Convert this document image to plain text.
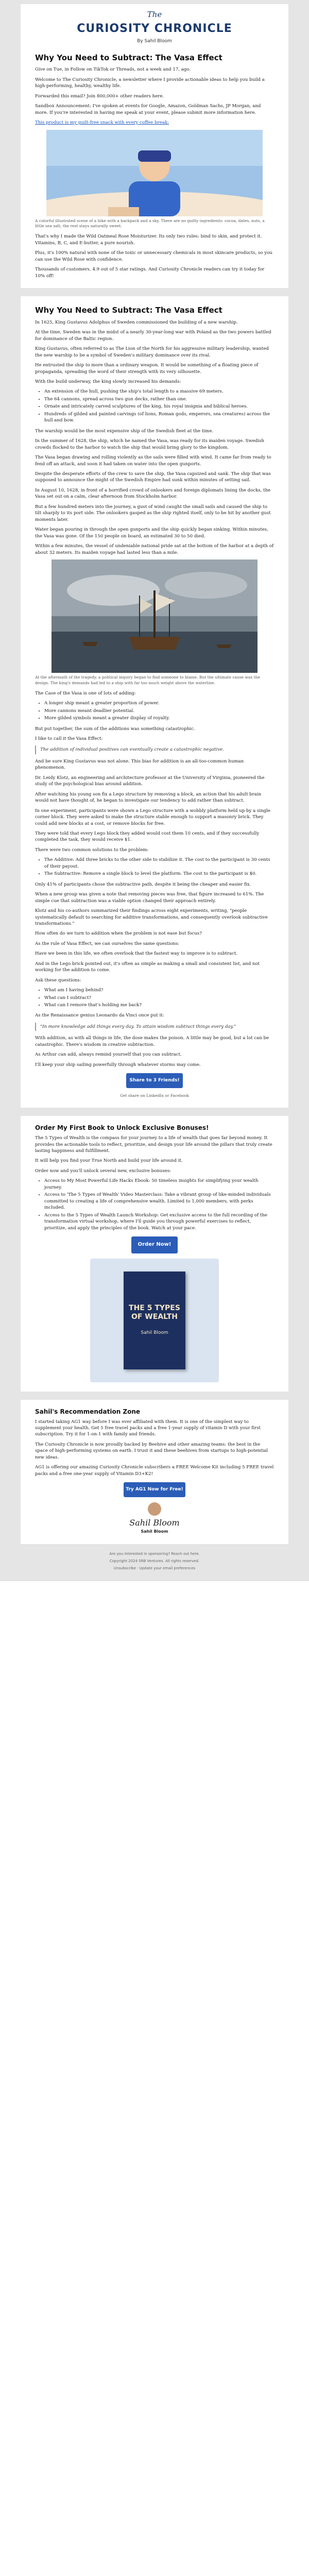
The
CURIOSITY CHRONICLE
By Sahil Bloom
Why You Need to Subtract: The Vasa Effect

Give on Tue, in Follow on TikTok or Threads, not a week and 17, ago.

Welcome to The Curiosity Chronicle, a newsletter where I provide actionable ideas to help you build a high-performing, healthy, wealthy life.

Forwarded this email? Join 800,000+ other readers here.

Sandbox Announcement: I've spoken at events for Google, Amazon, Goldman Sachs, JP Morgan, and more. If you're interested in having me speak at your event, please submit more information here.

This product is my guilt-free snack with every coffee break:

A colorful illustrated scene of a hike with a backpack and a sky. There are no guilty ingredients: cocoa, dates, nuts, a little sea salt; the rest stays naturally sweet.

That's why I made the Wild Oatmeal Rose Moisturizer. Its only two rules: bind to skin, and protect it. Vitamins, B, C, and E-butter, a pure nourish.

Plus, it's 100% natural with none of the toxic or unnecessary chemicals in most skincare products, so you can use the Wild Rose with confidence.

Thousands of customers. 4.9 out of 5 star ratings. And Curiosity Chronicle readers can try it today for 10% off!

Why You Need to Subtract: The Vasa Effect

In 1625, King Gustavus Adolphus of Sweden commissioned the building of a new warship.

At the time, Sweden was in the midst of a nearly 30-year-long war with Poland as the two powers battled for dominance of the Baltic region.

King Gustavus, often referred to as The Lion of the North for his aggressive military leadership, wanted the new warship to be a symbol of Sweden's military dominance over its rival.

He entrusted the ship to more than a ordinary weapon. It would be something of a floating piece of propaganda, spreading the word of their strength with its very silhouette.

With the build underway, the king slowly increased his demands:

• An extension of the hull, pushing the ship's total length to a massive 69 meters.
• The 64 cannons, spread across two gun decks, rather than one.
• Ornate and intricately carved sculptures of the king, his royal insignia and biblical heroes.
• Hundreds of gilded and painted carvings (of lions, Roman gods, emperors, sea creatures) across the hull and bow.

The warship would be the most expensive ship of the Swedish fleet at the time.

In the summer of 1628, the ship, which he named the Vasa, was ready for its maiden voyage. Swedish crowds flocked to the harbor to watch the ship that would bring glory to the kingdom.

The Vasa began drawing and rolling violently as the sails were filled with wind. It came far from ready to fend off an attack, and soon it had taken on water into the open gunports.

Despite the desperate efforts of the crew to save the ship, the Vasa capsized and sank. The ship that was supposed to announce the might of the Swedish Empire had sunk within minutes of setting sail.

In August 10, 1628, in front of a horrified crowd of onlookers and foreign diplomats lining the docks, the Vasa set out on a calm, clear afternoon from Stockholm harbor.

But a few hundred meters into the journey, a gust of wind caught the small sails and caused the ship to tilt sharply to its port side. The onlookers gasped as the ship righted itself, only to be hit by another gust moments later.

Water began pouring in through the open gunports and the ship quickly began sinking. Within minutes, the Vasa was gone. Of the 150 people on board, an estimated 30 to 50 died.

Within a few minutes, the vessel of undeniable national pride sat at the bottom of the harbor at a depth of about 32 meters. Its maiden voyage had lasted less than a mile.

At the aftermath of the tragedy, a political inquiry began to find someone to blame. But the ultimate cause was the design. The king's demands had led to a ship with far too much weight above the waterline.

The Case of the Vasa is one of lots of adding:

• A longer ship meant a greater proportion of power.
• More cannons meant deadlier potential.
• More gilded symbols meant a greater display of royalty.

But put together, the sum of the additions was something catastrophic.

I like to call it the Vasa Effect:

The addition of individual positives can eventually create a catastrophic negative.

And be sure King Gustavus was not alone. This bias for addition is an all-too-common human phenomenon.

Dr. Leidy Klotz, an engineering and architecture professor at the University of Virginia, pioneered the study of the psychological bias around addition.

After watching his young son fix a Lego structure by removing a block, an action that his adult brain would not have thought of, he began to investigate our tendency to add rather than subtract.

In one experiment, participants were shown a Lego structure with a wobbly platform held up by a single corner block. They were asked to make the structure stable enough to support a masonry brick. They could add new blocks at a cost, or remove blocks for free.

They were told that every Lego block they added would cost them 10 cents, and if they successfully completed the task, they would receive $1.

There were two common solutions to the problem:

• The Additive: Add three bricks to the other side to stabilize it. The cost to the participant is 30 cents of their payout.
• The Subtractive: Remove a single block to level the platform. The cost to the participant is $0.

Only 41% of participants chose the subtractive path, despite it being the cheaper and easier fix.

When a new group was given a note that removing pieces was free, that figure increased to 61%. The simple cue that subtraction was a viable option changed their approach entirely.

Klotz and his co-authors summarized their findings across eight experiments, writing, "people systematically default to searching for additive transformations, and consequently overlook subtractive transformations."

How often do we turn to addition when the problem is not ease but focus?

As the rule of Vasa Effect, we can ourselves the same questions:

Have we been in this life, we often overlook that the fastest way to improve is to subtract.

And in the Lego brick pointed out, it's often as simple as making a small and consistent list, and not working for the addition to come.

Ask these questions:

• What am I having behind?
• What can I subtract?
• What can I remove that's holding me back?

As the Renaissance genius Leonardo da Vinci once put it:

"In more knowledge add things every day. To attain wisdom subtract things every day."

With addition, as with all things in life, the dose makes the poison. A little may be good, but a lot can be catastrophic. There's wisdom in creative subtraction.

As Arthur can add, always remind yourself that you can subtract.

I'll keep your ship sailing powerfully through whatever storms may come.

Share to 3 Friends!

Get share on LinkedIn or Facebook

Order My First Book to Unlock Exclusive Bonuses!

The 5 Types of Wealth is the compass for your journey to a life of wealth that goes far beyond money. It provides the actionable tools to reflect, prioritize, and design your life around the pillars that truly create lasting happiness and fulfillment.

It will help you find your True North and build your life around it.

Order now and you'll unlock several new, exclusive bonuses:

• Access to My Most Powerful Life Hacks Ebook: 50 timeless insights for simplifying your wealth journey.
• Access to 'The 5 Types of Wealth' Video Masterclass: Take a vibrant group of like-minded individuals committed to creating a life of comprehensive wealth. Limited to 1,000 members, with perks included.
• Access to the 5 Types of Wealth Launch Workshop: Get exclusive access to the full recording of the transformation virtual workshop, where I'll guide you through powerful exercises to reflect, prioritize, and apply the principles of the book. Watch at your pace.
Order Now!
THE 5 TYPES OF WEALTH
Sahil Bloom
Sahil's Recommendation Zone

I started taking AG1 way before I was ever affiliated with them. It is one of the simplest way to supplement your health. Get 5 free travel packs and a free 1-year supply of vitamin D with your first subscription. Try it for 1-on-1 with family and friends.

The Curiosity Chronicle is now proudly backed by Beehive and other amazing teams: the best in the space of high-performing systems on earth. I trust it and these beehives from startups to high-potential new ideas.

AG1 is offering our amazing Curiosity Chronicle subscribers a FREE Welcome Kit including 5 FREE travel packs and a free one-year supply of Vitamin D3+K2!

Try AG1 Now for Free!
Sahil Bloom
Sahil Bloom
Are you interested in sponsoring? Reach out here.
Copyright 2024 SRB Ventures. All rights reserved.
Unsubscribe · Update your email preferences
